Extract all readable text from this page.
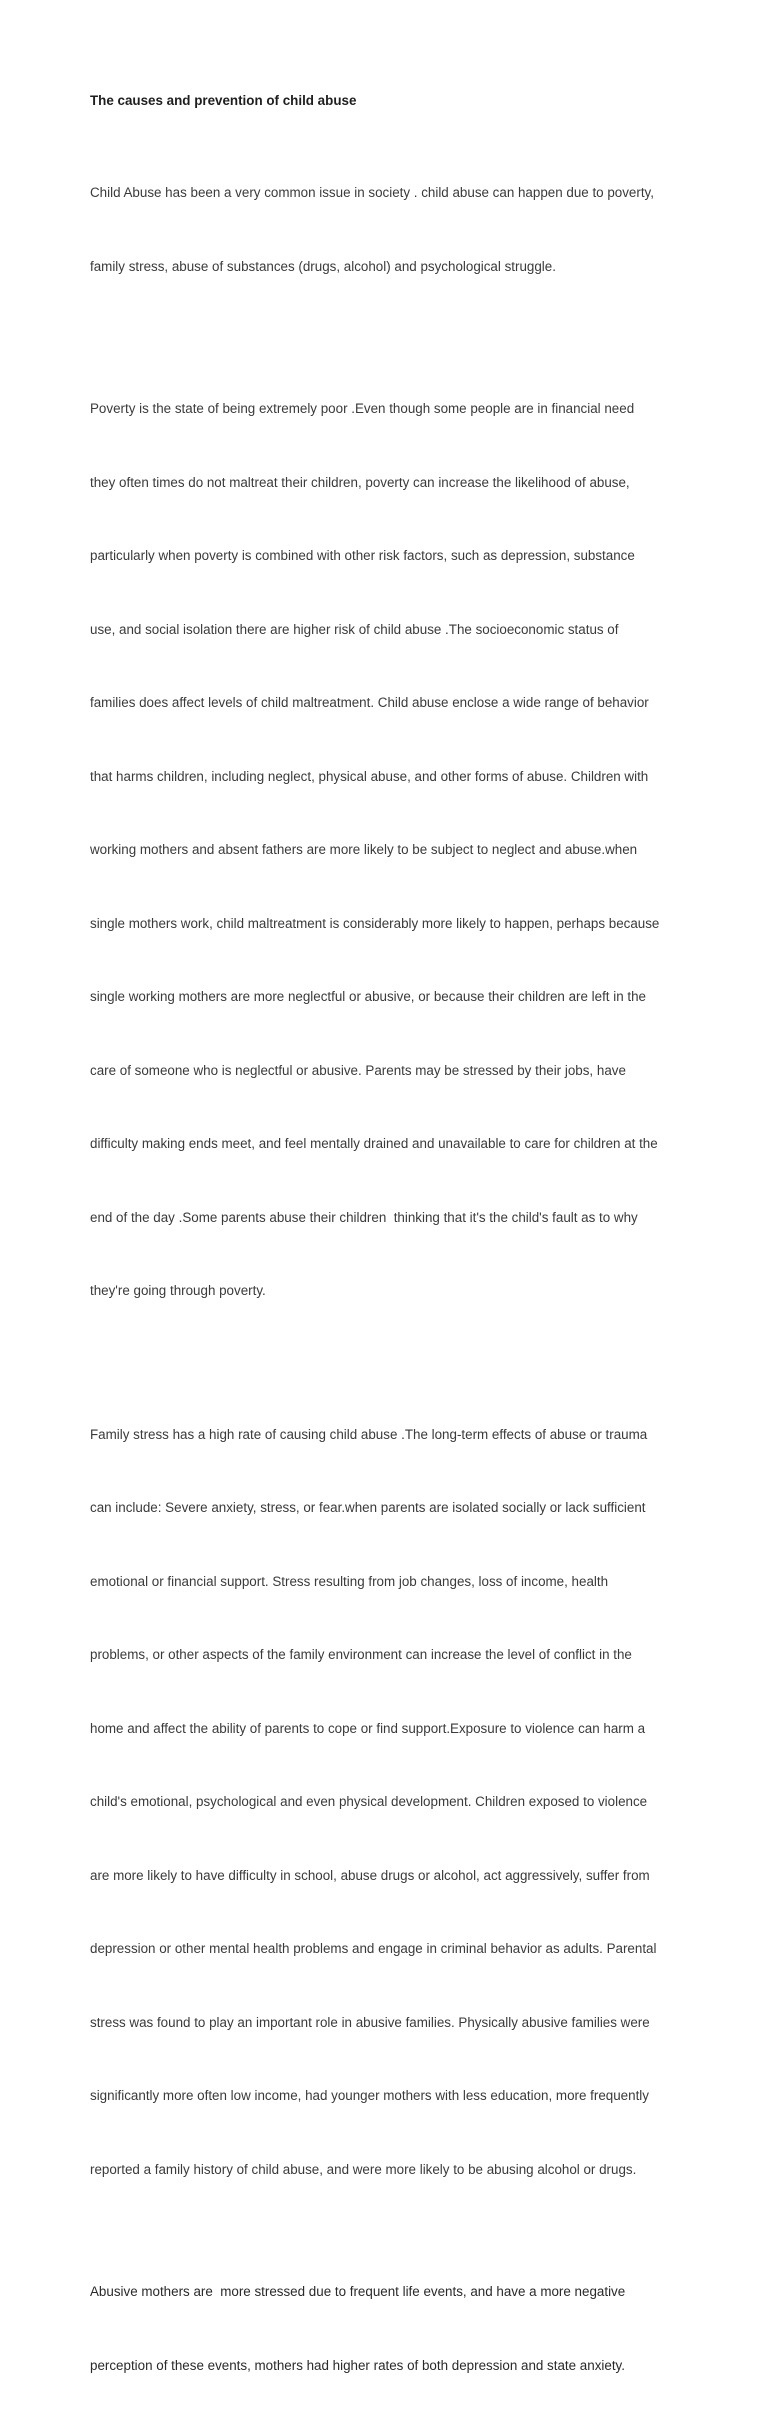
The causes and prevention of child abuse

Child Abuse has been a very common issue in society . child abuse can happen due to poverty,

family stress, abuse of substances (drugs, alcohol) and psychological struggle.

Poverty is the state of being extremely poor .Even though some people are in financial need

they often times do not maltreat their children, poverty can increase the likelihood of abuse,

particularly when poverty is combined with other risk factors, such as depression, substance

use, and social isolation there are higher risk of child abuse .The socioeconomic status of

families does affect levels of child maltreatment. Child abuse enclose a wide range of behavior

that harms children, including neglect, physical abuse, and other forms of abuse. Children with

working mothers and absent fathers are more likely to be subject to neglect and abuse.when

single mothers work, child maltreatment is considerably more likely to happen, perhaps because

single working mothers are more neglectful or abusive, or because their children are left in the

care of someone who is neglectful or abusive. Parents may be stressed by their jobs, have

difficulty making ends meet, and feel mentally drained and unavailable to care for children at the

end of the day .Some parents abuse their children  thinking that it's the child's fault as to why

they're going through poverty.

Family stress has a high rate of causing child abuse .The long-term effects of abuse or trauma

can include: Severe anxiety, stress, or fear.when parents are isolated socially or lack sufficient

emotional or financial support. Stress resulting from job changes, loss of income, health

problems, or other aspects of the family environment can increase the level of conflict in the

home and affect the ability of parents to cope or find support.Exposure to violence can harm a

child's emotional, psychological and even physical development. Children exposed to violence

are more likely to have difficulty in school, abuse drugs or alcohol, act aggressively, suffer from

depression or other mental health problems and engage in criminal behavior as adults. Parental

stress was found to play an important role in abusive families. Physically abusive families were

significantly more often low income, had younger mothers with less education, more frequently

reported a family history of child abuse, and were more likely to be abusing alcohol or drugs.

Abusive mothers are  more stressed due to frequent life events, and have a more negative

perception of these events, mothers had higher rates of both depression and state anxiety.
